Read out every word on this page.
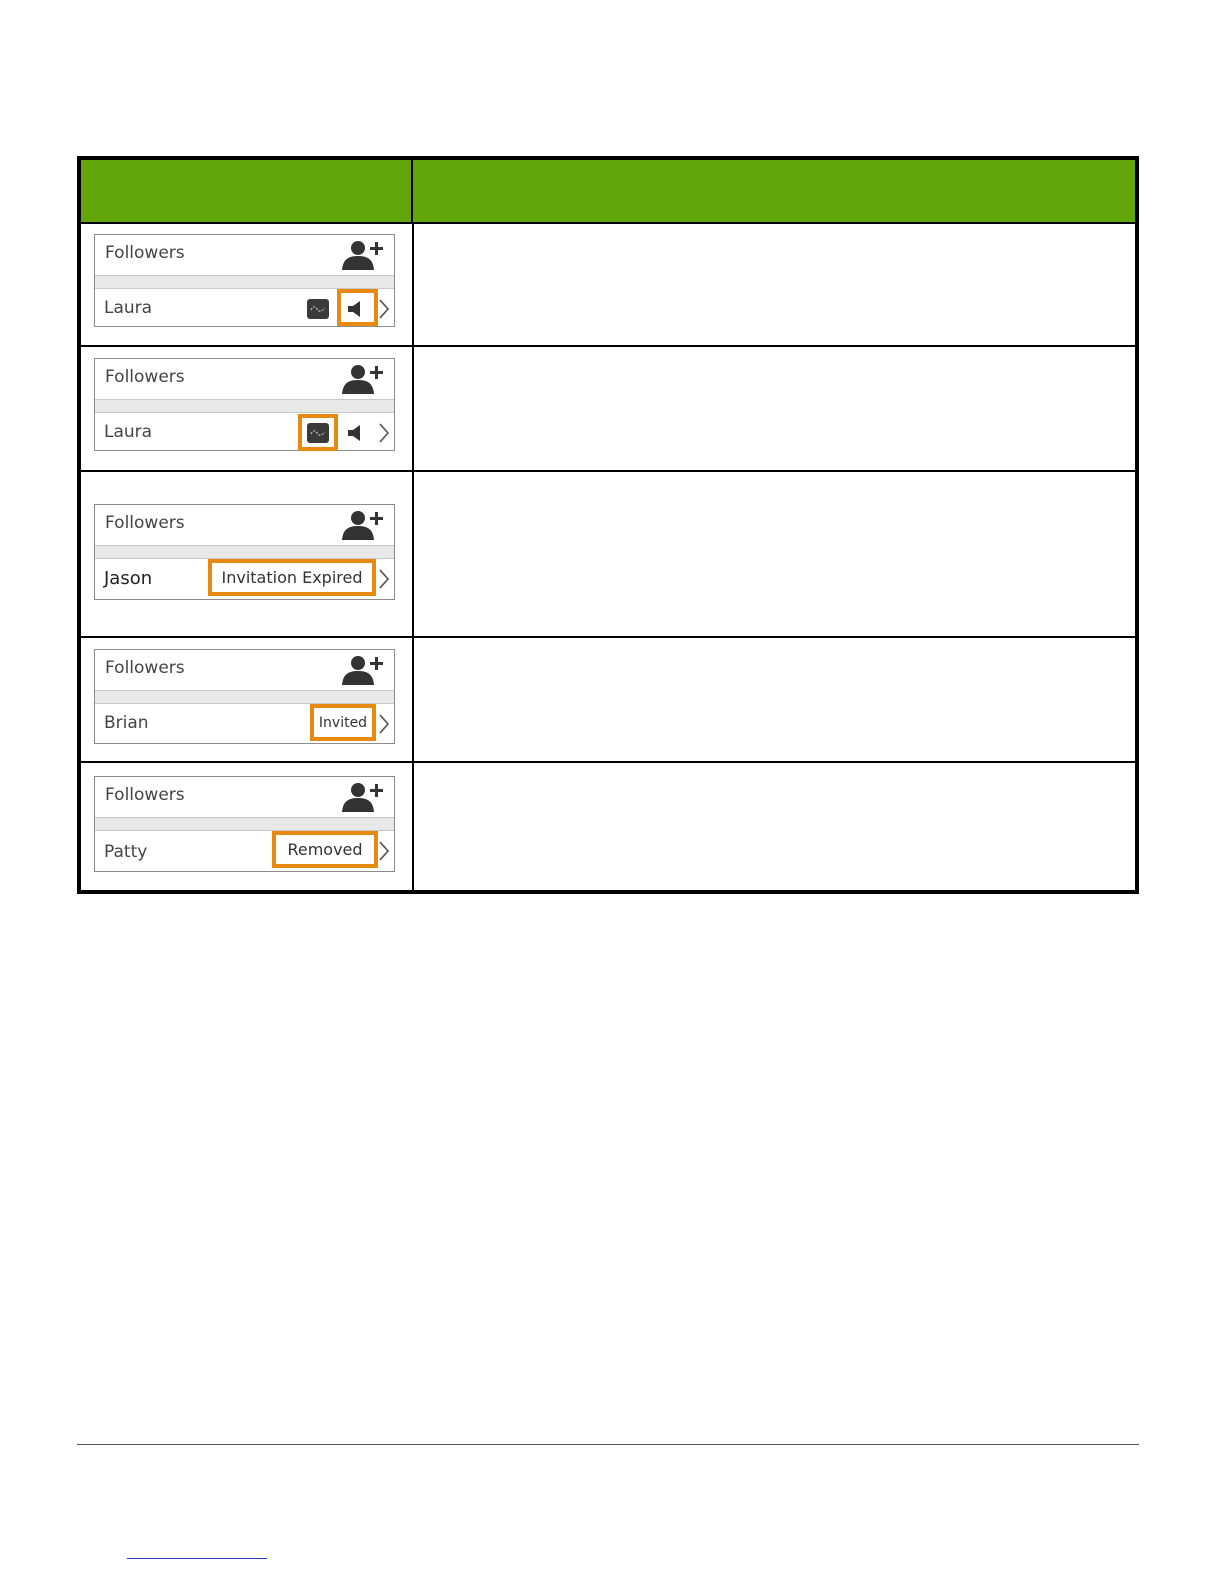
Followers
Laura
Followers
Laura
Followers
Jason	Invitation Expired
Followers
Brian	Invited
Followers
Patty	Removed
